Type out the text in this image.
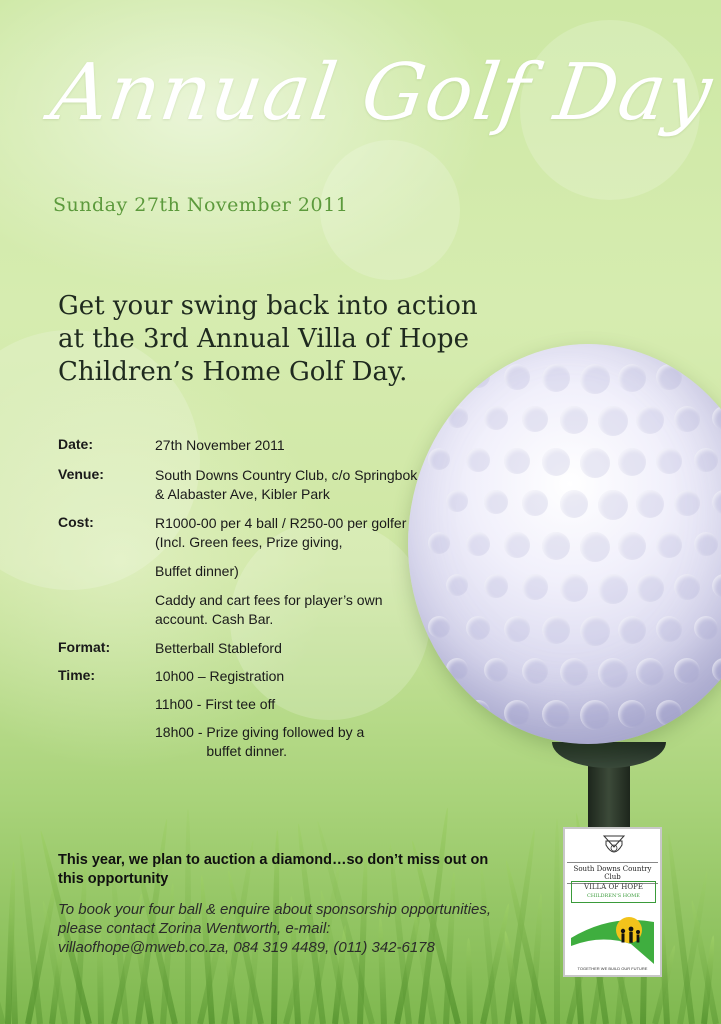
Annual Golf Day
Sunday 27th November 2011
Get your swing back into action
at the 3rd Annual Villa of Hope
Children’s Home Golf Day.
Date:	27th November 2011
Venue:	South Downs Country Club, c/o Springbok & Alabaster Ave, Kibler Park
Cost:	R1000-00 per 4 ball / R250-00 per golfer
(Incl. Green fees, Prize giving,
Buffet dinner)
Caddy and cart fees for player’s own account. Cash Bar.
Format:	Betterball Stableford
Time:	10h00 – Registration
11h00 - First tee off
18h00 - Prize giving followed by a buffet dinner.
This year, we plan to auction a diamond…so don’t miss out on this opportunity
To book your four ball & enquire about sponsorship opportunities, please contact Zorina Wentworth, e-mail: villaofhope@mweb.co.za, 084 319 4489, (011) 342-6178
South Downs Country Club
VILLA OF HOPE
CHILDREN'S HOME
TOGETHER WE BUILD OUR FUTURE
